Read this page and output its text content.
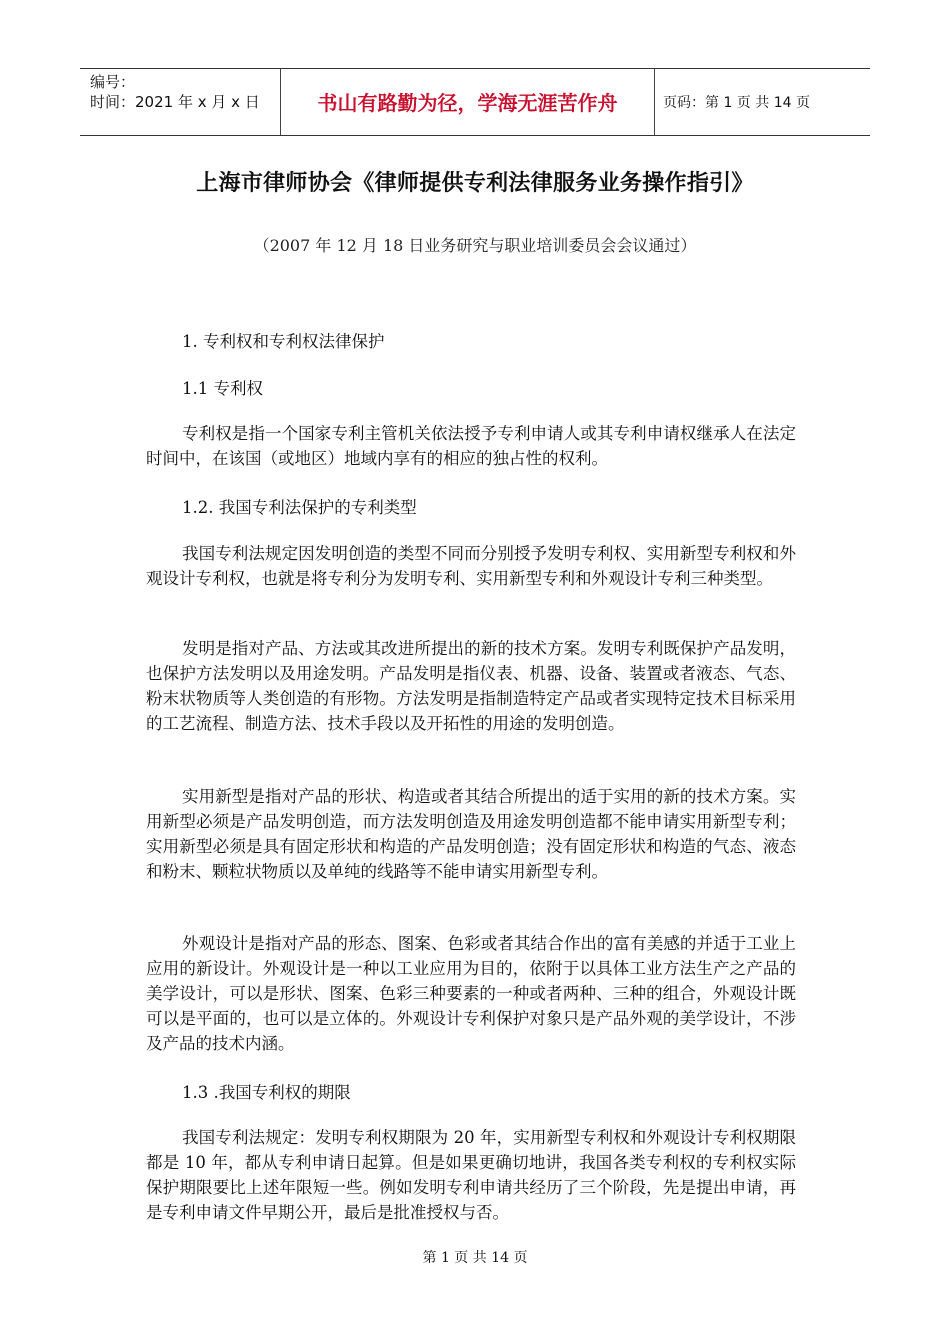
编号：
时间：2021 年 x 月 x 日	书山有路勤为径，学海无涯苦作舟	页码：第 1 页 共 14 页
上海市律师协会《律师提供专利法律服务业务操作指引》
（2007 年 12 月 18 日业务研究与职业培训委员会会议通过）
1. 专利权和专利权法律保护
1.1 专利权

专利权是指一个国家专利主管机关依法授予专利申请人或其专利申请权继承人在法定时间中，在该国（或地区）地域内享有的相应的独占性的权利。

1.2. 我国专利法保护的专利类型

我国专利法规定因发明创造的类型不同而分别授予发明专利权、实用新型专利权和外观设计专利权，也就是将专利分为发明专利、实用新型专利和外观设计专利三种类型。

发明是指对产品、方法或其改进所提出的新的技术方案。发明专利既保护产品发明，也保护方法发明以及用途发明。产品发明是指仪表、机器、设备、装置或者液态、气态、粉末状物质等人类创造的有形物。方法发明是指制造特定产品或者实现特定技术目标采用的工艺流程、制造方法、技术手段以及开拓性的用途的发明创造。

实用新型是指对产品的形状、构造或者其结合所提出的适于实用的新的技术方案。实用新型必须是产品发明创造，而方法发明创造及用途发明创造都不能申请实用新型专利；实用新型必须是具有固定形状和构造的产品发明创造；没有固定形状和构造的气态、液态和粉末、颗粒状物质以及单纯的线路等不能申请实用新型专利。

外观设计是指对产品的形态、图案、色彩或者其结合作出的富有美感的并适于工业上应用的新设计。外观设计是一种以工业应用为目的，依附于以具体工业方法生产之产品的美学设计，可以是形状、图案、色彩三种要素的一种或者两种、三种的组合，外观设计既可以是平面的，也可以是立体的。外观设计专利保护对象只是产品外观的美学设计，不涉及产品的技术内涵。

1.3 .我国专利权的期限

我国专利法规定：发明专利权期限为 20 年，实用新型专利权和外观设计专利权期限都是 10 年，都从专利申请日起算。但是如果更确切地讲，我国各类专利权的专利权实际保护期限要比上述年限短一些。例如发明专利申请共经历了三个阶段，先是提出申请，再是专利申请文件早期公开，最后是批准授权与否。

第 1 页 共 14 页
